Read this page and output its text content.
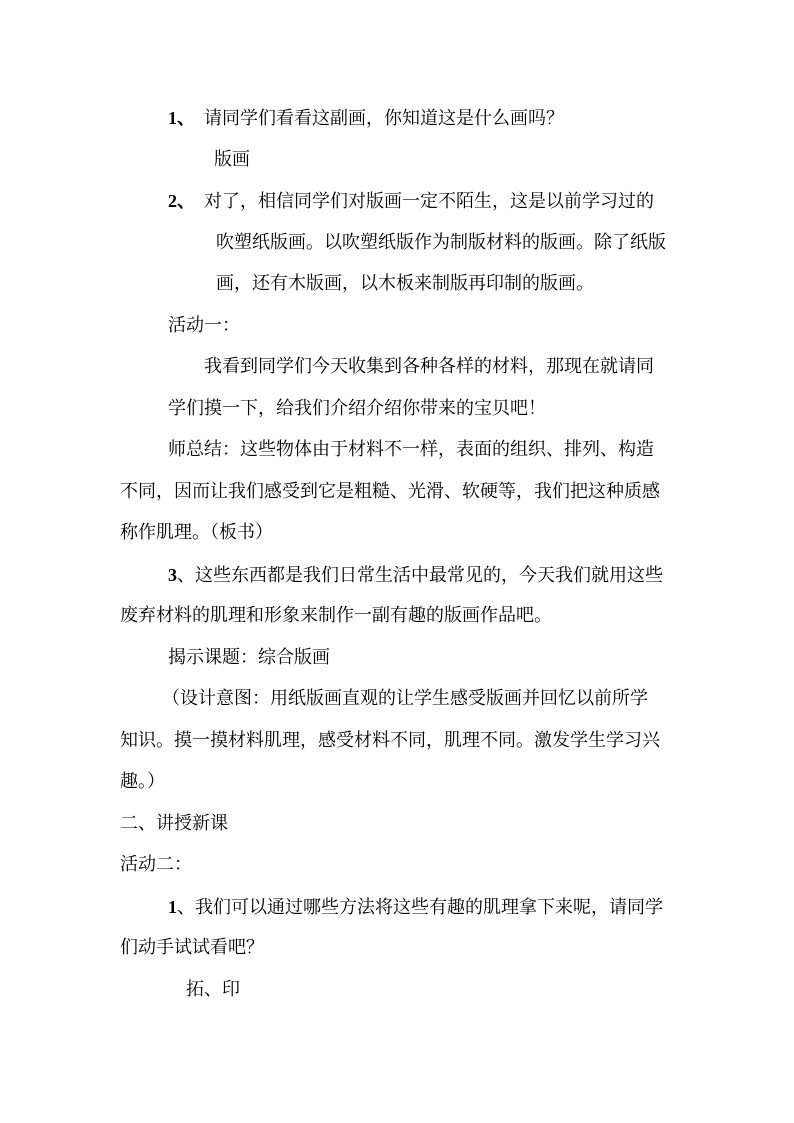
1、 请同学们看看这副画，你知道这是什么画吗？
版画
2、 对了，相信同学们对版画一定不陌生，这是以前学习过的
吹塑纸版画。以吹塑纸版作为制版材料的版画。除了纸版
画，还有木版画，以木板来制版再印制的版画。
活动一：
我看到同学们今天收集到各种各样的材料，那现在就请同
学们摸一下，给我们介绍介绍你带来的宝贝吧！
师总结：这些物体由于材料不一样，表面的组织、排列、构造
不同，因而让我们感受到它是粗糙、光滑、软硬等，我们把这种质感
称作肌理。（板书）
3、这些东西都是我们日常生活中最常见的，今天我们就用这些
废弃材料的肌理和形象来制作一副有趣的版画作品吧。
揭示课题：综合版画
（设计意图：用纸版画直观的让学生感受版画并回忆以前所学
知识。摸一摸材料肌理，感受材料不同，肌理不同。激发学生学习兴
趣。）
二、讲授新课
活动二：
1、我们可以通过哪些方法将这些有趣的肌理拿下来呢，请同学
们动手试试看吧？
拓、印
